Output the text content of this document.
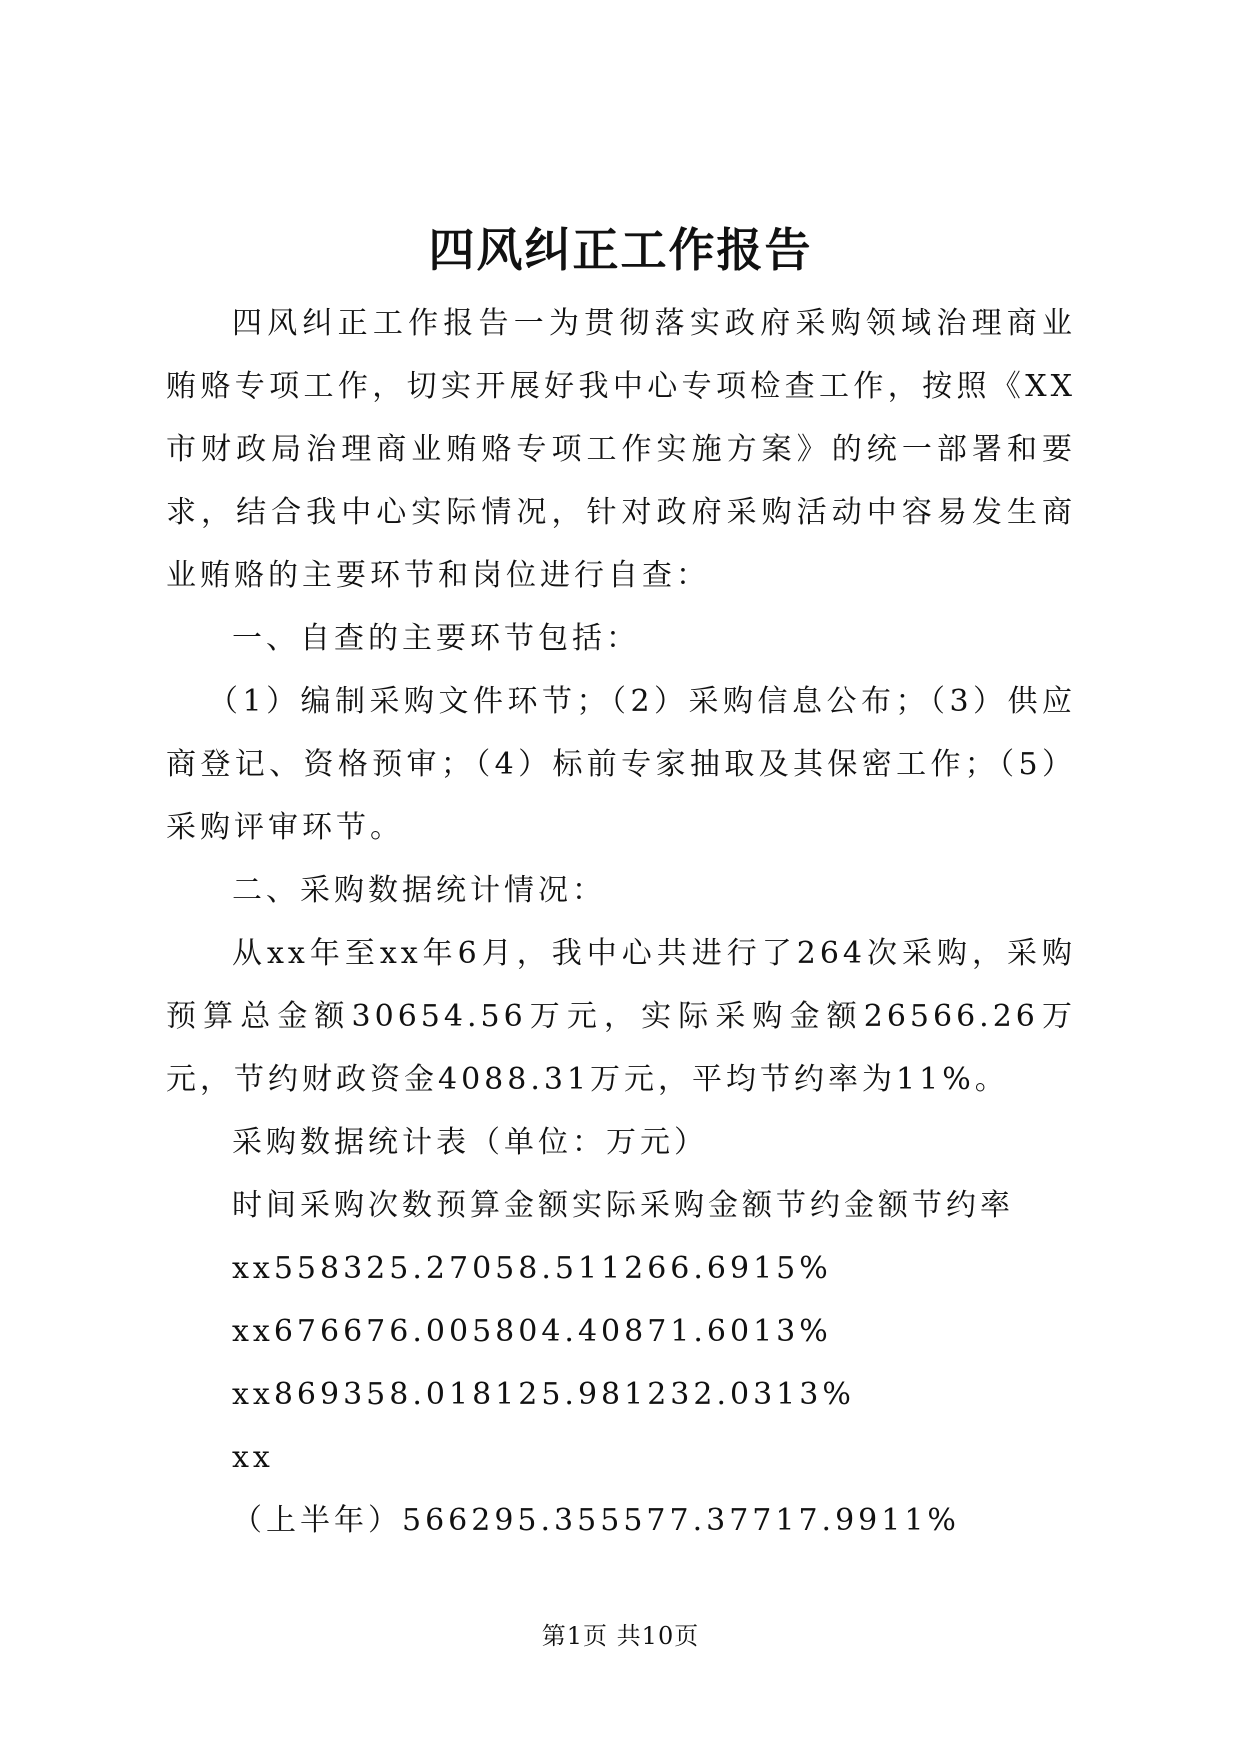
四风纠正工作报告

四风纠正工作报告一为贯彻落实政府采购领域治理商业贿赂专项工作，切实开展好我中心专项检查工作，按照《XX市财政局治理商业贿赂专项工作实施方案》的统一部署和要求，结合我中心实际情况，针对政府采购活动中容易发生商业贿赂的主要环节和岗位进行自查：

一、自查的主要环节包括：

（1）编制采购文件环节；（2）采购信息公布；（3）供应商登记、资格预审；（4）标前专家抽取及其保密工作；（5）采购评审环节。

二、采购数据统计情况：

从xx年至xx年6月，我中心共进行了264次采购，采购预算总金额30654.56万元，实际采购金额26566.26万元，节约财政资金4088.31万元，平均节约率为11%。

采购数据统计表（单位：万元）

时间采购次数预算金额实际采购金额节约金额节约率

xx558325.27058.511266.6915%

xx676676.005804.40871.6013%

xx869358.018125.981232.0313%

xx

（上半年）566295.355577.37717.9911%

第1页 共10页
